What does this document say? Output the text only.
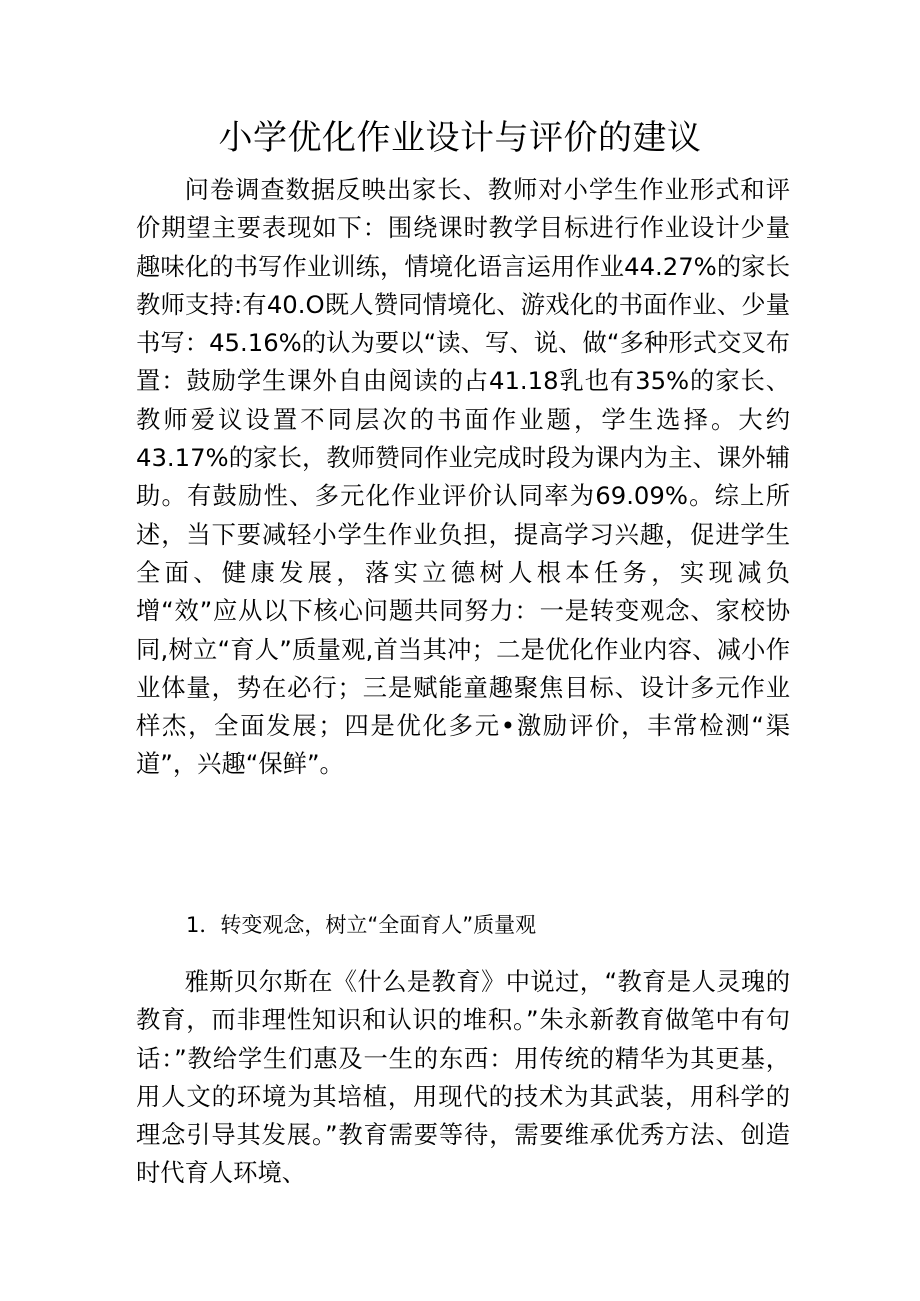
小学优化作业设计与评价的建议

问卷调查数据反映出家长、教师对小学生作业形式和评价期望主要表现如下：围绕课时教学目标进行作业设计少量趣味化的书写作业训练，情境化语言运用作业44.27%的家长教师支持:有40.O既人赞同情境化、游戏化的书面作业、少量书写：45.16%的认为要以“读、写、说、做“多种形式交叉布置：鼓励学生课外自由阅读的占41.18乳也有35%的家长、教师爱议设置不同层次的书面作业题，学生选择。大约43.17%的家长，教师赞同作业完成时段为课内为主、课外辅助。有鼓励性、多元化作业评价认同率为69.09%。综上所述，当下要减轻小学生作业负担，提高学习兴趣，促进学生全面、健康发展，落实立德树人根本任务，实现减负增“效”应从以下核心问题共同努力：一是转变观念、家校协同,树立“育人”质量观,首当其冲；二是优化作业内容、减小作业体量，势在必行；三是赋能童趣聚焦目标、设计多元作业样杰，全面发展；四是优化多元•激励评价，丰常检测“渠道”，兴趣“保鲜”。

1．转变观念，树立“全面育人”质量观

雅斯贝尔斯在《什么是教育》中说过，“教育是人灵瑰的教育，而非理性知识和认识的堆积。”朱永新教育做笔中有句话：”教给学生们惠及一生的东西：用传统的精华为其更基，用人文的环境为其培植，用现代的技术为其武装，用科学的理念引导其发展。”教育需要等待，需要维承优秀方法、创造时代育人环境、
